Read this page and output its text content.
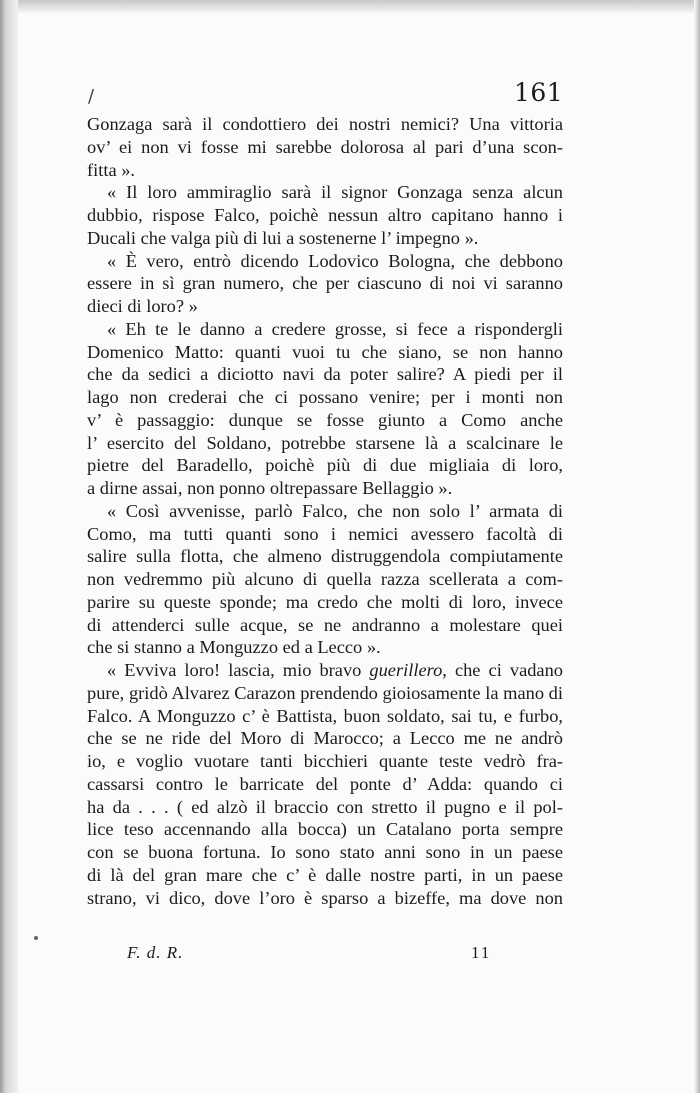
/	161
Gonzaga sarà il condottiero dei nostri nemici? Una vittoria
ov’ ei non vi fosse mi sarebbe dolorosa al pari d’una scon-
fitta ».
« Il loro ammiraglio sarà il signor Gonzaga senza alcun
dubbio, rispose Falco, poichè nessun altro capitano hanno i
Ducali che valga più di lui a sostenerne l’ impegno ».
« È vero, entrò dicendo Lodovico Bologna, che debbono
essere in sì gran numero, che per ciascuno di noi vi saranno
dieci di loro? »
« Eh te le danno a credere grosse, si fece a rispondergli
Domenico Matto: quanti vuoi tu che siano, se non hanno
che da sedici a diciotto navi da poter salire? A piedi per il
lago non crederai che ci possano venire; per i monti non
v’ è passaggio: dunque se fosse giunto a Como anche
l’ esercito del Soldano, potrebbe starsene là a scalcinare le
pietre del Baradello, poichè più di due migliaia di loro,
a dirne assai, non ponno oltrepassare Bellaggio ».
« Così avvenisse, parlò Falco, che non solo l’ armata di
Como, ma tutti quanti sono i nemici avessero facoltà di
salire sulla flotta, che almeno distruggendola compiutamente
non vedremmo più alcuno di quella razza scellerata a com-
parire su queste sponde; ma credo che molti di loro, invece
di attenderci sulle acque, se ne andranno a molestare quei
che si stanno a Monguzzo ed a Lecco ».
« Evviva loro! lascia, mio bravo guerillero, che ci vadano
pure, gridò Alvarez Carazon prendendo gioiosamente la mano di
Falco. A Monguzzo c’ è Battista, buon soldato, sai tu, e furbo,
che se ne ride del Moro di Marocco; a Lecco me ne andrò
io, e voglio vuotare tanti bicchieri quante teste vedrò fra-
cassarsi contro le barricate del ponte d’ Adda: quando ci
ha da . . . ( ed alzò il braccio con stretto il pugno e il pol-
lice teso accennando alla bocca) un Catalano porta sempre
con se buona fortuna. Io sono stato anni sono in un paese
di là del gran mare che c’ è dalle nostre parti, in un paese
strano, vi dico, dove l’oro è sparso a bizeffe, ma dove non
F. d. R.	11
